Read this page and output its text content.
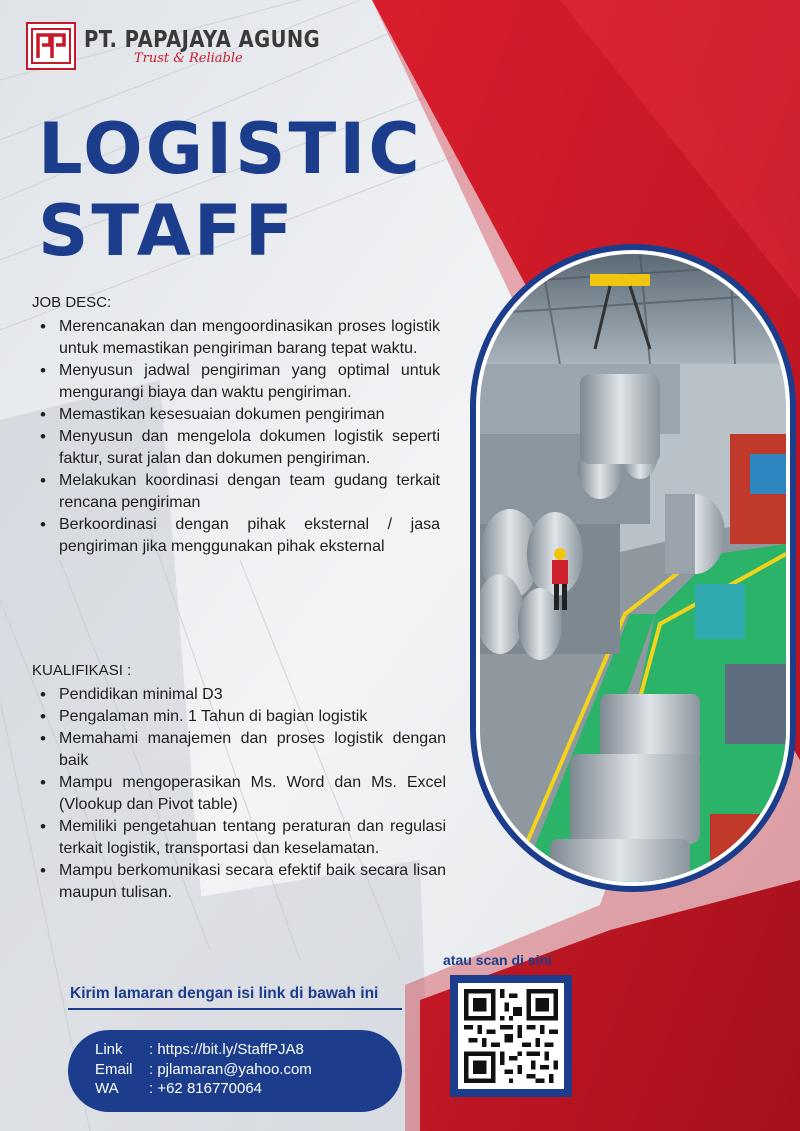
PT. PAPAJAYA AGUNG
Trust & Reliable
LOGISTIC
STAFF
JOB DESC:
• Merencanakan dan mengoordinasikan proses logistik untuk memastikan pengiriman barang tepat waktu.
• Menyusun jadwal pengiriman yang optimal untuk mengurangi biaya dan waktu pengiriman.
• Memastikan kesesuaian dokumen pengiriman
• Menyusun dan mengelola dokumen logistik seperti faktur, surat jalan dan dokumen pengiriman.
• Melakukan koordinasi dengan team gudang terkait rencana pengiriman
• Berkoordinasi dengan pihak eksternal / jasa pengiriman jika menggunakan pihak eksternal
KUALIFIKASI :
• Pendidikan minimal D3
• Pengalaman min. 1 Tahun di bagian logistik
• Memahami manajemen dan proses logistik dengan baik
• Mampu mengoperasikan Ms. Word dan Ms. Excel (Vlookup dan Pivot table)
• Memiliki pengetahuan tentang peraturan dan regulasi terkait logistik, transportasi dan keselamatan.
• Mampu berkomunikasi secara efektif baik secara lisan maupun tulisan.
Kirim lamaran dengan isi link di bawah ini
Link	: https://bit.ly/StaffPJA8
Email	: pjlamaran@yahoo.com
WA	: +62 816770064
atau scan di sini
